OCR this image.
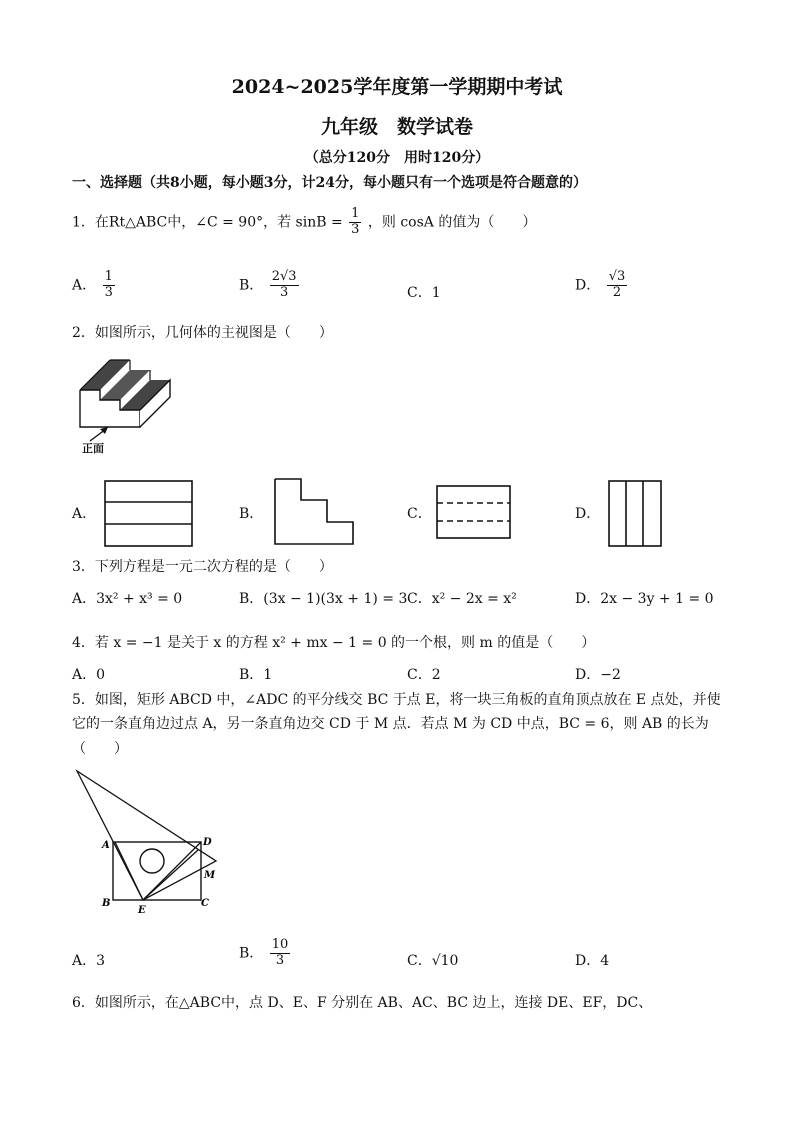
2024~2025学年度第一学期期中考试
九年级　数学试卷
（总分120分　用时120分）
一、选择题（共8小题，每小题3分，计24分，每小题只有一个选项是符合题意的）
1．在Rt△ABC中，∠C = 90°，若 $\sin B = \frac{1}{3}$ ，则 cosA 的值为（　　）
A． $\frac{1}{3}$	B． $\frac{2√3}{3}$	C．1	D． $\frac{√3}{2}$
2．如图所示，几何体的主视图是（　　）
正面
A．	B．	C．	D．
3．下列方程是一元二次方程的是（　　）
A．3x² + x³ = 0	B．(3x − 1)(3x + 1) = 3 C．x² − 2x = x²	D．2x − 3y + 1 = 0
4．若 x = −1 是关于 x 的方程 x² + mx − 1 = 0 的一个根，则 m 的值是（　　）
A．0	B．1	C．2	D．−2
5．如图，矩形 ABCD 中，∠ADC 的平分线交 BC 于点 E，将一块三角板的直角顶点放在 E 点处，并使
它的一条直角边过点 A，另一条直角边交 CD 于 M 点．若点 M 为 CD 中点，BC = 6，则 AB 的长为
（　　）
A	D
M
B
E
C
A．3	B． $\frac{10}{3}$	C．√10	D．4
6．如图所示，在△ABC中，点 D、E、F 分别在 AB、AC、BC 边上，连接 DE、EF，DC、
